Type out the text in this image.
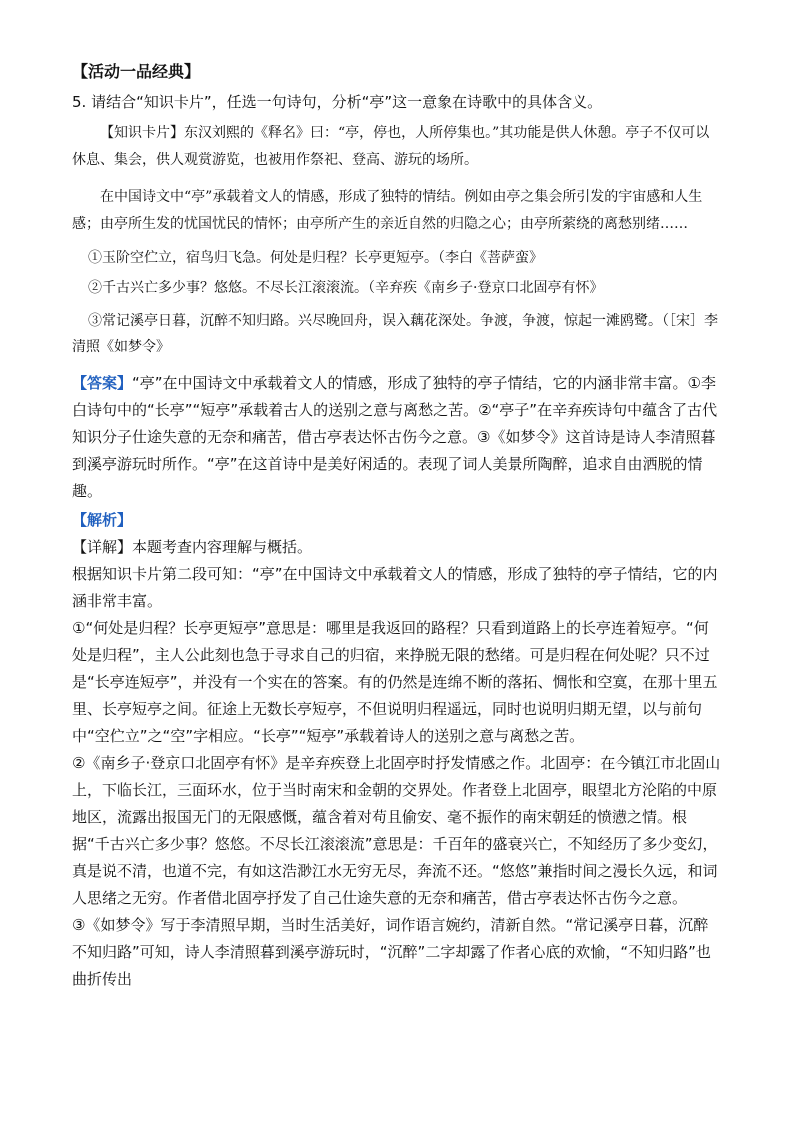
【活动一品经典】
5. 请结合“知识卡片”，任选一句诗句，分析“亭”这一意象在诗歌中的具体含义。
【知识卡片】东汉刘熙的《释名》曰：“亭，停也，人所停集也。”其功能是供人休憩。亭子不仅可以休息、集会，供人观赏游览，也被用作祭祀、登高、游玩的场所。
在中国诗文中“亭”承载着文人的情感，形成了独特的情结。例如由亭之集会所引发的宇宙感和人生感；由亭所生发的忧国忧民的情怀；由亭所产生的亲近自然的归隐之心；由亭所萦绕的离愁别绪……
①玉阶空伫立，宿鸟归飞急。何处是归程？长亭更短亭。（李白《菩萨蛮》
②千古兴亡多少事？悠悠。不尽长江滚滚流。（辛弃疾《南乡子·登京口北固亭有怀》
③常记溪亭日暮，沉醉不知归路。兴尽晚回舟，误入藕花深处。争渡，争渡，惊起一滩鸥鹭。（［宋］李清照《如梦令》
【答案】“亭”在中国诗文中承载着文人的情感，形成了独特的亭子情结，它的内涵非常丰富。①李白诗句中的“长亭”“短亭”承载着古人的送别之意与离愁之苦。②“亭子”在辛弃疾诗句中蕴含了古代知识分子仕途失意的无奈和痛苦，借古亭表达怀古伤今之意。③《如梦令》这首诗是诗人李清照暮到溪亭游玩时所作。“亭”在这首诗中是美好闲适的。表现了词人美景所陶醉，追求自由洒脱的情趣。
【解析】
【详解】本题考查内容理解与概括。
根据知识卡片第二段可知：“亭”在中国诗文中承载着文人的情感，形成了独特的亭子情结，它的内涵非常丰富。
①“何处是归程？长亭更短亭”意思是：哪里是我返回的路程？只看到道路上的长亭连着短亭。“何处是归程”，主人公此刻也急于寻求自己的归宿，来挣脱无限的愁绪。可是归程在何处呢？只不过是“长亭连短亭”，并没有一个实在的答案。有的仍然是连绵不断的落拓、惆怅和空寞，在那十里五里、长亭短亭之间。征途上无数长亭短亭，不但说明归程遥远，同时也说明归期无望，以与前句中“空伫立”之“空”字相应。“长亭”“短亭”承载着诗人的送别之意与离愁之苦。
②《南乡子·登京口北固亭有怀》是辛弃疾登上北固亭时抒发情感之作。北固亭：在今镇江市北固山上，下临长江，三面环水，位于当时南宋和金朝的交界处。作者登上北固亭，眼望北方沦陷的中原地区，流露出报国无门的无限感慨，蕴含着对苟且偷安、毫不振作的南宋朝廷的愤懑之情。根据“千古兴亡多少事？悠悠。不尽长江滚滚流”意思是：千百年的盛衰兴亡，不知经历了多少变幻，真是说不清，也道不完，有如这浩渺江水无穷无尽，奔流不还。“悠悠”兼指时间之漫长久远，和词人思绪之无穷。作者借北固亭抒发了自己仕途失意的无奈和痛苦，借古亭表达怀古伤今之意。
③《如梦令》写于李清照早期，当时生活美好，词作语言婉约，清新自然。“常记溪亭日暮，沉醉不知归路”可知，诗人李清照暮到溪亭游玩时，“沉醉”二字却露了作者心底的欢愉，“不知归路”也曲折传出
